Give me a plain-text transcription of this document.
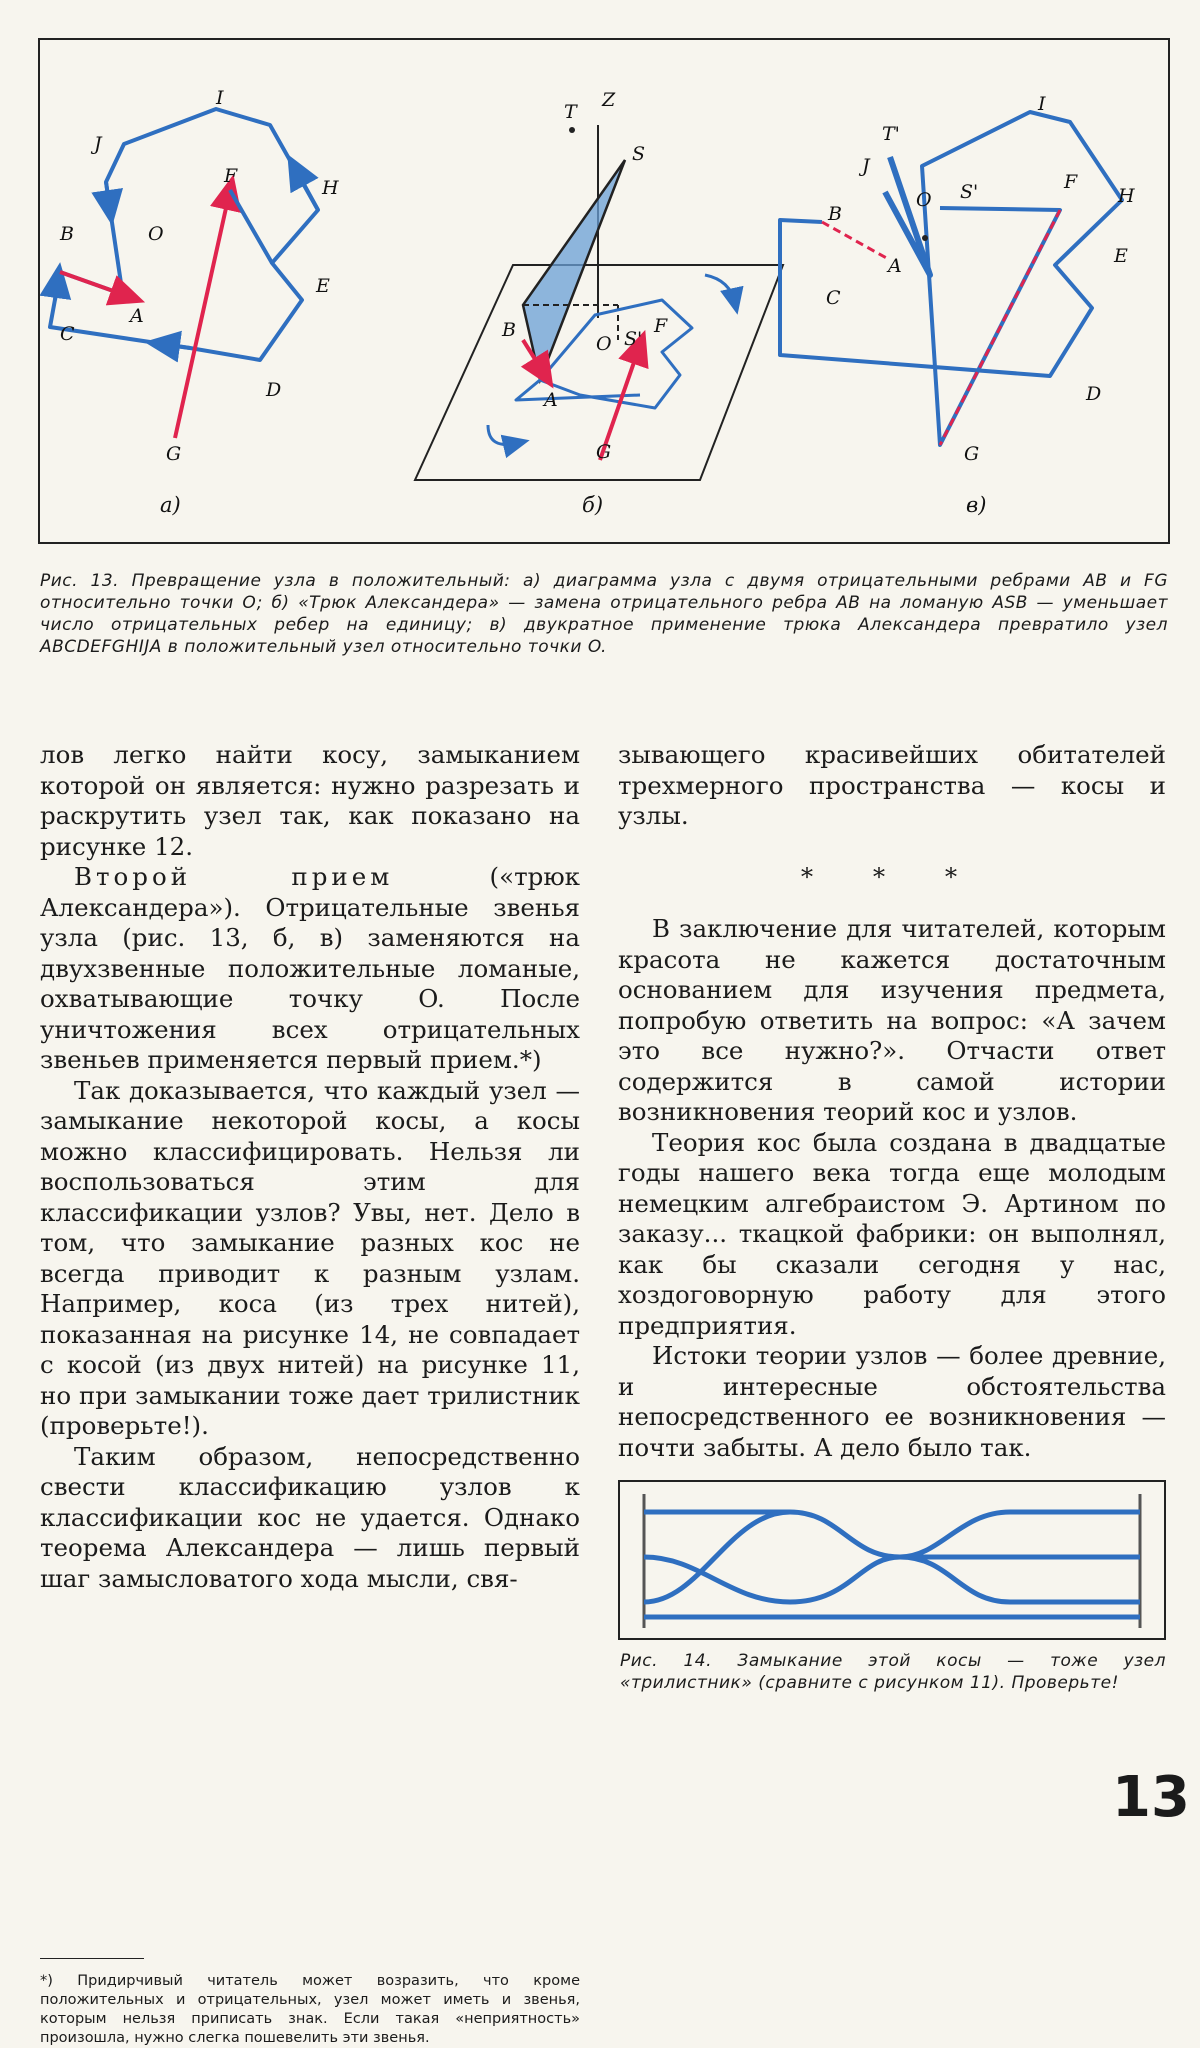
I
J
H
B	O
F
A
E
C
D
G
а)
T
Z
S
B
O S'
F
A
G
б)
T'
I
J
O S'	F
H
B
A	E
C
D
G
в)
Рис. 13. Превращение узла в положительный: а) диаграмма узла с двумя отрицательными ребрами AB и FG относительно точки O; б) «Трюк Александера» — замена отрицательного ребра AB на ломаную ASB — уменьшает число отрицательных ребер на единицу; в) двукратное применение трюка Александера превратило узел ABCDEFGHIJA в положительный узел относительно точки O.

лов легко найти косу, замыканием которой он является: нужно разрезать и раскрутить узел так, как показано на рисунке 12.

Второй прием («трюк Александера»). Отрицательные звенья узла (рис. 13, б, в) заменяются на двухзвенные положительные ломаные, охватывающие точку O. После уничтожения всех отрицательных звеньев применяется первый прием.*)

Так доказывается, что каждый узел — замыкание некоторой косы, а косы можно классифицировать. Нельзя ли воспользоваться этим для классификации узлов? Увы, нет. Дело в том, что замыкание разных кос не всегда приводит к разным узлам. Например, коса (из трех нитей), показанная на рисунке 14, не совпадает с косой (из двух нитей) на рисунке 11, но при замыкании тоже дает трилистник (проверьте!).

Таким образом, непосредственно свести классификацию узлов к классификации кос не удается. Однако теорема Александера — лишь первый шаг замысловатого хода мысли, свя-

*) Придирчивый читатель может возразить, что кроме положительных и отрицательных, узел может иметь и звенья, которым нельзя приписать знак. Если такая «неприятность» произошла, нужно слегка пошевелить эти звенья.

зывающего красивейших обитателей трехмерного пространства — косы и узлы.

* * *

В заключение для читателей, которым красота не кажется достаточным основанием для изучения предмета, попробую ответить на вопрос: «А зачем это все нужно?». Отчасти ответ содержится в самой истории возникновения теорий кос и узлов.

Теория кос была создана в двадцатые годы нашего века тогда еще молодым немецким алгебраистом Э. Артином по заказу... ткацкой фабрики: он выполнял, как бы сказали сегодня у нас, хоздоговорную работу для этого предприятия.

Истоки теории узлов — более древние, и интересные обстоятельства непосредственного ее возникновения — почти забыты. А дело было так.

Рис. 14. Замыкание этой косы — тоже узел «трилистник» (сравните с рисунком 11). Проверьте!
13
